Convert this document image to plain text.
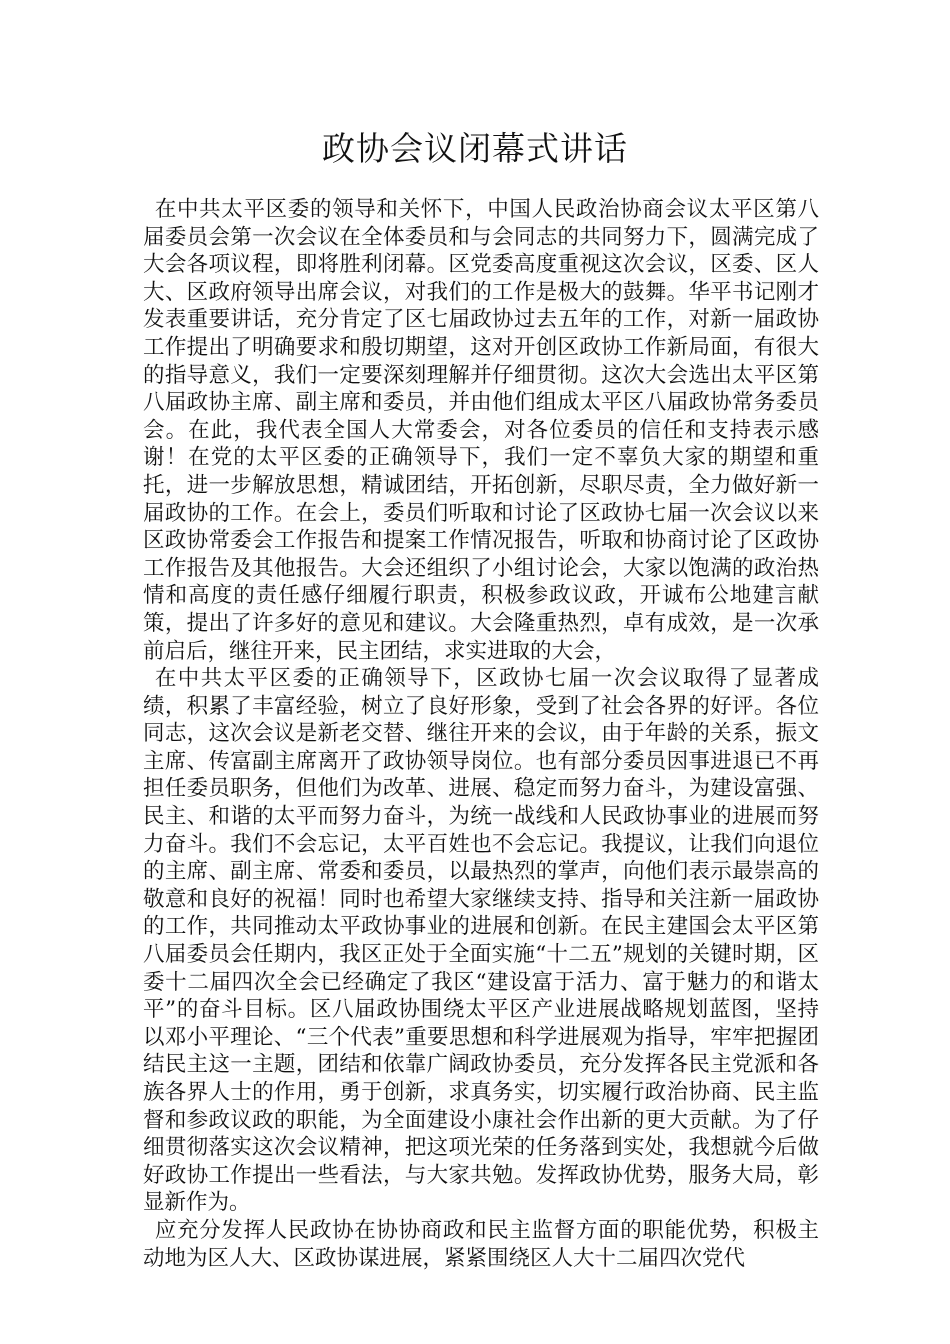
政协会议闭幕式讲话

在中共太平区委的领导和关怀下，中国人民政治协商会议太平区第八届委员会第一次会议在全体委员和与会同志的共同努力下，圆满完成了大会各项议程，即将胜利闭幕。区党委高度重视这次会议，区委、区人大、区政府领导出席会议，对我们的工作是极大的鼓舞。华平书记刚才发表重要讲话，充分肯定了区七届政协过去五年的工作，对新一届政协工作提出了明确要求和殷切期望，这对开创区政协工作新局面，有很大的指导意义，我们一定要深刻理解并仔细贯彻。这次大会选出太平区第八届政协主席、副主席和委员，并由他们组成太平区八届政协常务委员会。在此，我代表全国人大常委会，对各位委员的信任和支持表示感谢！在党的太平区委的正确领导下，我们一定不辜负大家的期望和重托，进一步解放思想，精诚团结，开拓创新，尽职尽责，全力做好新一届政协的工作。在会上，委员们听取和讨论了区政协七届一次会议以来区政协常委会工作报告和提案工作情况报告，听取和协商讨论了区政协工作报告及其他报告。大会还组织了小组讨论会，大家以饱满的政治热情和高度的责任感仔细履行职责，积极参政议政，开诚布公地建言献策，提出了许多好的意见和建议。大会隆重热烈，卓有成效，是一次承前启后，继往开来，民主团结，求实进取的大会，

在中共太平区委的正确领导下，区政协七届一次会议取得了显著成绩，积累了丰富经验，树立了良好形象，受到了社会各界的好评。各位同志，这次会议是新老交替、继往开来的会议，由于年龄的关系，振文主席、传富副主席离开了政协领导岗位。也有部分委员因事进退已不再担任委员职务，但他们为改革、进展、稳定而努力奋斗，为建设富强、民主、和谐的太平而努力奋斗，为统一战线和人民政协事业的进展而努力奋斗。我们不会忘记，太平百姓也不会忘记。我提议，让我们向退位的主席、副主席、常委和委员，以最热烈的掌声，向他们表示最崇高的敬意和良好的祝福！同时也希望大家继续支持、指导和关注新一届政协的工作，共同推动太平政协事业的进展和创新。在民主建国会太平区第八届委员会任期内，我区正处于全面实施“十二五”规划的关键时期，区委十二届四次全会已经确定了我区“建设富于活力、富于魅力的和谐太平”的奋斗目标。区八届政协围绕太平区产业进展战略规划蓝图，坚持以邓小平理论、“三个代表”重要思想和科学进展观为指导，牢牢把握团结民主这一主题，团结和依靠广阔政协委员，充分发挥各民主党派和各族各界人士的作用，勇于创新，求真务实，切实履行政治协商、民主监督和参政议政的职能，为全面建设小康社会作出新的更大贡献。为了仔细贯彻落实这次会议精神，把这项光荣的任务落到实处，我想就今后做好政协工作提出一些看法，与大家共勉。发挥政协优势，服务大局，彰显新作为。

应充分发挥人民政协在协协商政和民主监督方面的职能优势，积极主动地为区人大、区政协谋进展，紧紧围绕区人大十二届四次党代
